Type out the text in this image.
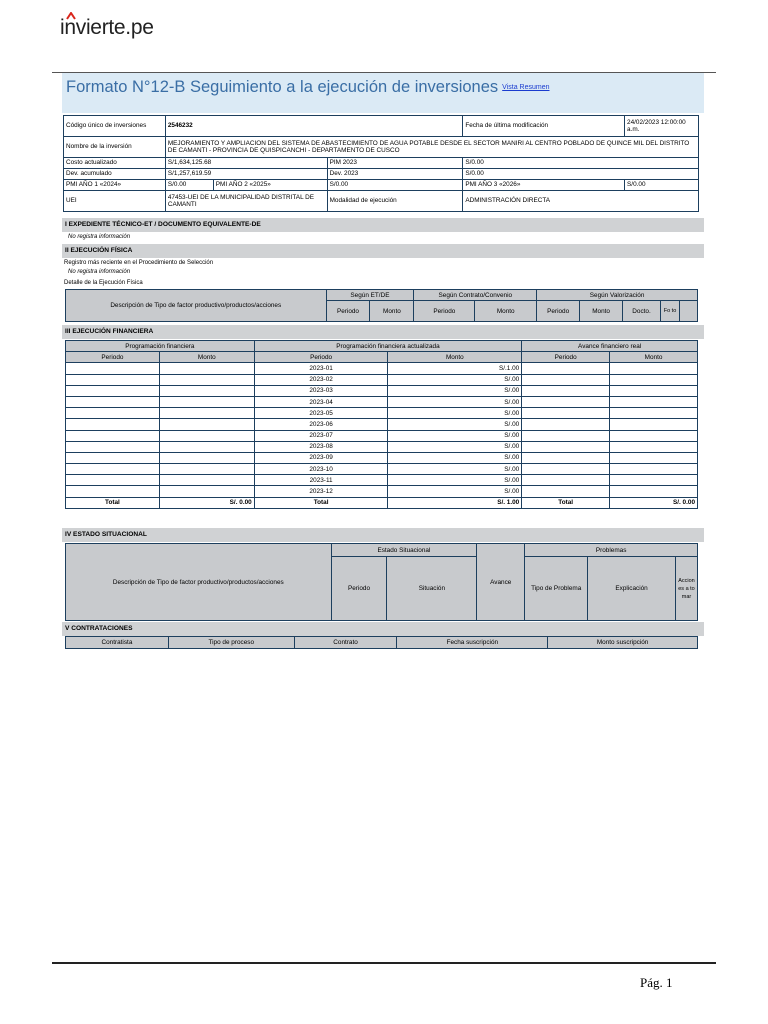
invierte.pe
Formato N°12-B Seguimiento a la ejecución de inversiones Vista Resumen
Código único de inversiones	2546232			Fecha de última modificación	24/02/2023 12:00:00 a.m.
Nombre de la inversión	MEJORAMIENTO Y AMPLIACION DEL SISTEMA DE ABASTECIMIENTO DE AGUA POTABLE DESDE EL SECTOR MANIRI AL CENTRO POBLADO DE QUINCE MIL DEL DISTRITO DE CAMANTI - PROVINCIA DE QUISPICANCHI - DEPARTAMENTO DE CUSCO				
Costo actualizado	S/1,634,125.68		PIM 2023	S/0.00	
Dev. acumulado	S/1,257,619.59		Dev. 2023	S/0.00	
PMI AÑO 1 «2024»	S/0.00	PMI AÑO 2 «2025»	S/0.00	PMI AÑO 3 «2026»	S/0.00
UEI	47453-UEI DE LA MUNICIPALIDAD DISTRITAL DE CAMANTI		Modalidad de ejecución	ADMINISTRACIÓN DIRECTA	
I EXPEDIENTE TÉCNICO-ET / DOCUMENTO EQUIVALENTE-DE
No registra información
II EJECUCIÓN FÍSICA
Registro más reciente en el Procedimiento de Selección
No registra información
Detalle de la Ejecución Física
Descripción de Tipo de factor productivo/productos/acciones	Según ET/DE		Según Contrato/Convenio		Según Valorización				
	Periodo	Monto	Periodo	Monto	Periodo	Monto	Docto.	Fo to	
III EJECUCIÓN FINANCIERA
Programación financiera		Programación financiera actualizada		Avance financiero real	
Periodo	Monto	Periodo	Monto	Periodo	Monto
		2023-01	S/.1.00		
		2023-02	S/.00		
		2023-03	S/.00		
		2023-04	S/.00		
		2023-05	S/.00		
		2023-06	S/.00		
		2023-07	S/.00		
		2023-08	S/.00		
		2023-09	S/.00		
		2023-10	S/.00		
		2023-11	S/.00		
		2023-12	S/.00		
Total	S/. 0.00	Total	S/. 1.00	Total	S/. 0.00
IV ESTADO SITUACIONAL
Descripción de Tipo de factor productivo/productos/acciones	Estado Situacional		Avance	Problemas		
	Periodo	Situación		Tipo de Problema	Explicación	Acciones a tomar
V CONTRATACIONES
Contratista	Tipo de proceso	Contrato	Fecha suscripción	Monto suscripción
Pág. 1
